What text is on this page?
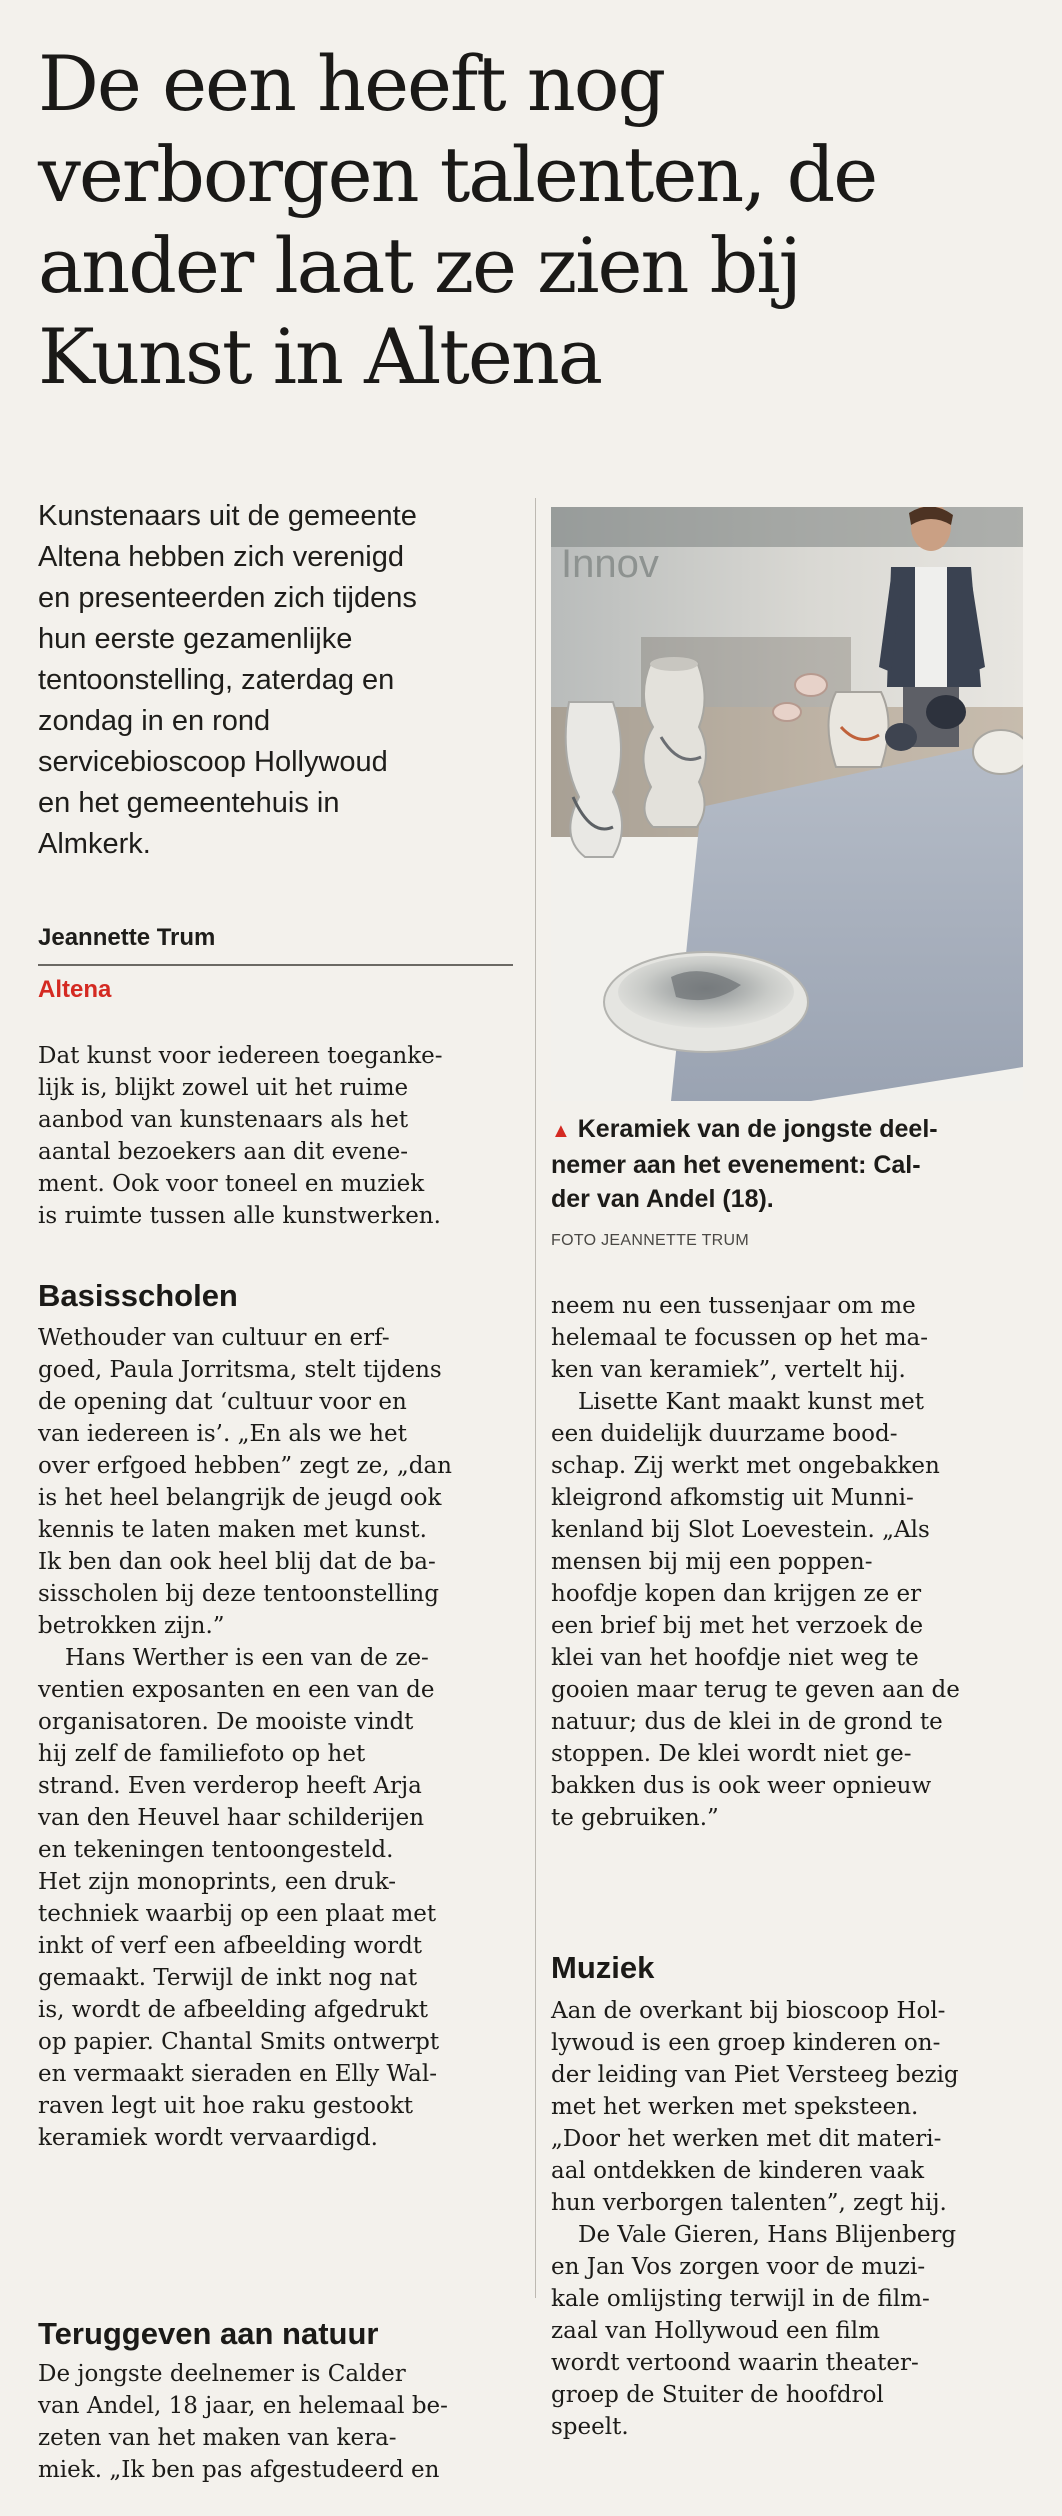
De een heeft nog
verborgen talenten, de
ander laat ze zien bij
Kunst in Altena

Kunstenaars uit de gemeente
Altena hebben zich verenigd
en presenteerden zich tijdens
hun eerste gezamenlijke
tentoonstelling, zaterdag en
zondag in en rond
servicebioscoop Hollywoud
en het gemeentehuis in
Almkerk.

Jeannette Trum
Altena
Dat kunst voor iedereen toeganke-
lijk is, blijkt zowel uit het ruime
aanbod van kunstenaars als het
aantal bezoekers aan dit evene-
ment. Ook voor toneel en muziek
is ruimte tussen alle kunstwerken.
Basisscholen
Wethouder van cultuur en erf-
goed, Paula Jorritsma, stelt tijdens
de opening dat ‘cultuur voor en
van iedereen is’. „En als we het
over erfgoed hebben” zegt ze, „dan
is het heel belangrijk de jeugd ook
kennis te laten maken met kunst.
Ik ben dan ook heel blij dat de ba-
sisscholen bij deze tentoonstelling
betrokken zijn.”
Hans Werther is een van de ze-
ventien exposanten en een van de
organisatoren. De mooiste vindt
hij zelf de familiefoto op het
strand. Even verderop heeft Arja
van den Heuvel haar schilderijen
en tekeningen tentoongesteld.
Het zijn monoprints, een druk-
techniek waarbij op een plaat met
inkt of verf een afbeelding wordt
gemaakt. Terwijl de inkt nog nat
is, wordt de afbeelding afgedrukt
op papier. Chantal Smits ontwerpt
en vermaakt sieraden en Elly Wal-
raven legt uit hoe raku gestookt
keramiek wordt vervaardigd.
Teruggeven aan natuur
De jongste deelnemer is Calder
van Andel, 18 jaar, en helemaal be-
zeten van het maken van kera-
miek. „Ik ben pas afgestudeerd en
Innov

▲ Keramiek van de jongste deel-
nemer aan het evenement: Cal-
der van Andel (18).

FOTO JEANNETTE TRUM
neem nu een tussenjaar om me
helemaal te focussen op het ma-
ken van keramiek”, vertelt hij.
Lisette Kant maakt kunst met
een duidelijk duurzame bood-
schap. Zij werkt met ongebakken
kleigrond afkomstig uit Munni-
kenland bij Slot Loevestein. „Als
mensen bij mij een poppen-
hoofdje kopen dan krijgen ze er
een brief bij met het verzoek de
klei van het hoofdje niet weg te
gooien maar terug te geven aan de
natuur; dus de klei in de grond te
stoppen. De klei wordt niet ge-
bakken dus is ook weer opnieuw
te gebruiken.”
Muziek
Aan de overkant bij bioscoop Hol-
lywoud is een groep kinderen on-
der leiding van Piet Versteeg bezig
met het werken met speksteen.
„Door het werken met dit materi-
aal ontdekken de kinderen vaak
hun verborgen talenten”, zegt hij.
De Vale Gieren, Hans Blijenberg
en Jan Vos zorgen voor de muzi-
kale omlijsting terwijl in de film-
zaal van Hollywoud een film
wordt vertoond waarin theater-
groep de Stuiter de hoofdrol
speelt.
